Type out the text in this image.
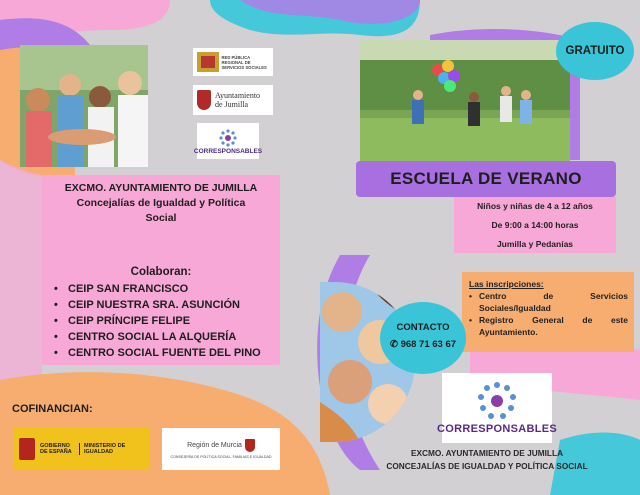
RED PÚBLICA REGIONAL DE SERVICIOS SOCIALES
Ayuntamiento de Jumilla
CORRESPONSABLES
EXCMO. AYUNTAMIENTO DE JUMILLA
Concejalías de Igualdad y Política
Social
Colaboran:
• CEIP SAN FRANCISCO
• CEIP NUESTRA SRA. ASUNCIÓN
• CEIP PRÍNCIPE FELIPE
• CENTRO SOCIAL LA ALQUERÍA
• CENTRO SOCIAL FUENTE DEL PINO
COFINANCIAN:
GOBIERNO DE ESPAÑA
MINISTERIO DE IGUALDAD
Región de Murcia
CONSEJERÍA DE POLÍTICA SOCIAL, FAMILIAS E IGUALDAD
GRATUITO
ESCUELA DE VERANO

Niños y niñas de 4 a 12 años

De 9:00 a 14:00 horas

Jumilla y Pedanías

Las inscripciones:
• Centro de Servicios Sociales/Igualdad
• Registro General de este Ayuntamiento.
CONTACTO
✆ 968 71 63 67
CORRESPONSABLES
EXCMO. AYUNTAMIENTO DE JUMILLA
CONCEJALÍAS DE IGUALDAD Y POLÍTICA SOCIAL
